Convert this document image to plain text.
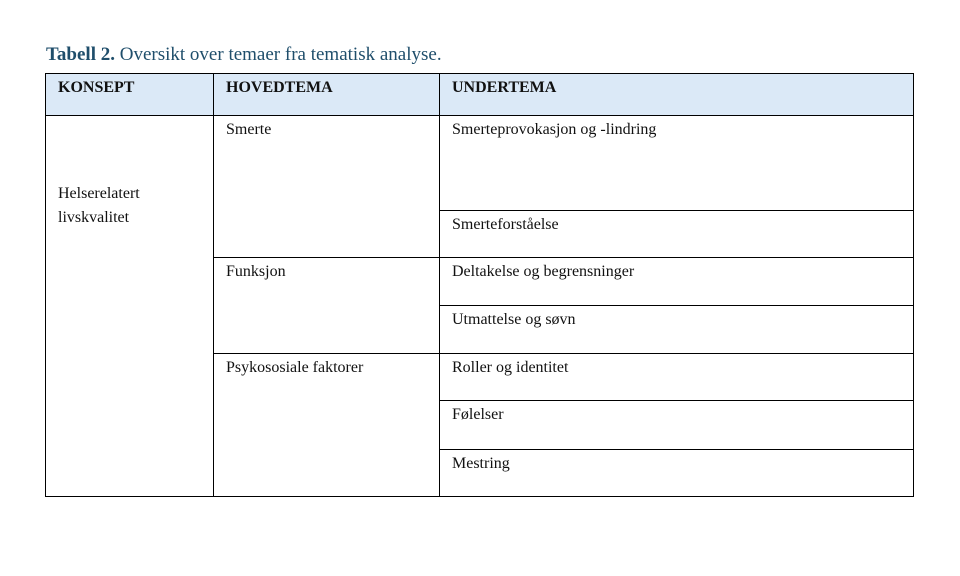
Tabell 2. Oversikt over temaer fra tematisk analyse.
KONSEPT	HOVEDTEMA	UNDERTEMA
Helserelatert livskvalitet
Smerte
Funksjon
Psykososiale faktorer
Smerteprovokasjon og -lindring
Smerteforståelse
Deltakelse og begrensninger
Utmattelse og søvn
Roller og identitet
Følelser
Mestring
